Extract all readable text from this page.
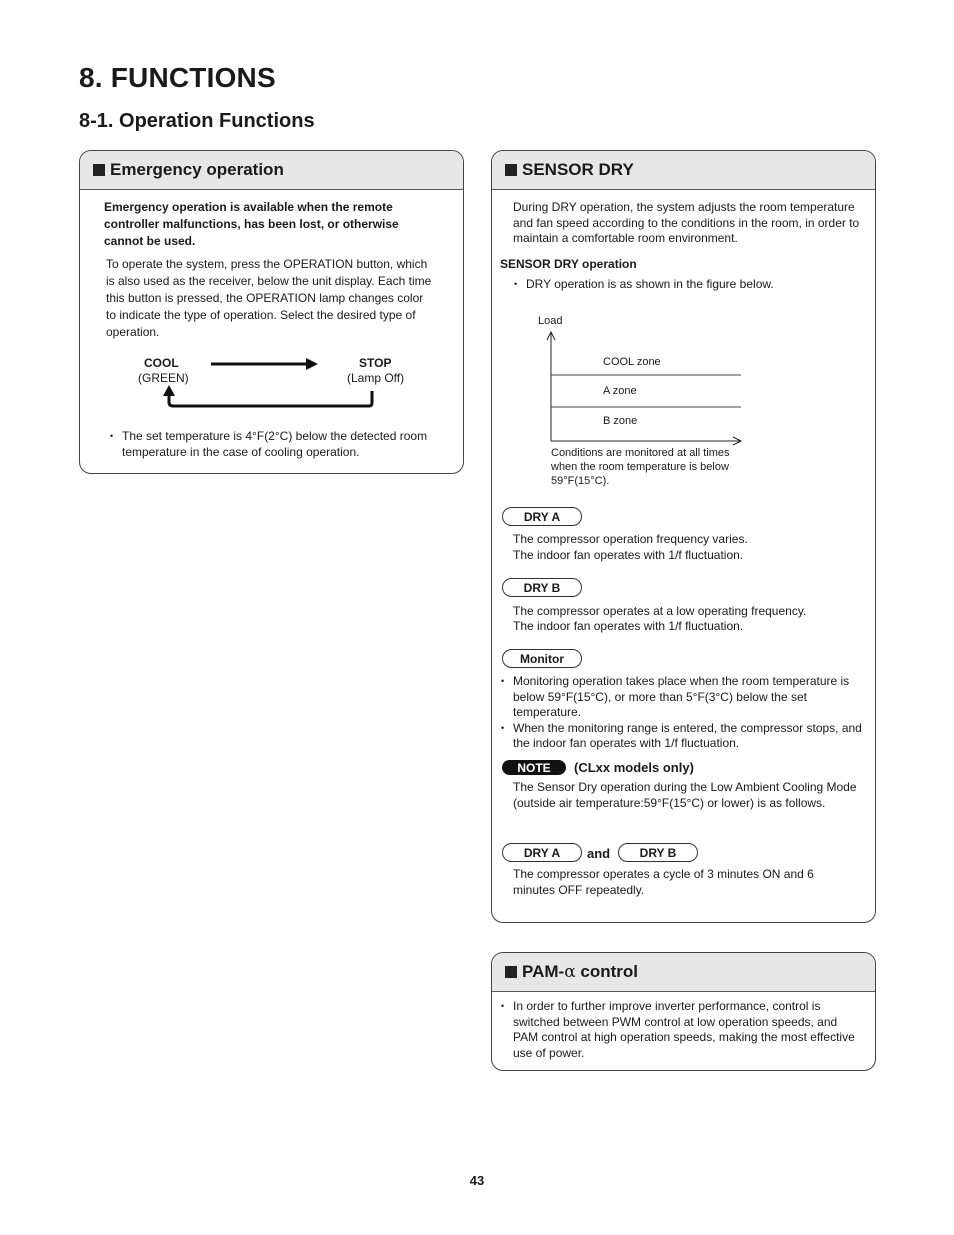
8. FUNCTIONS
8-1. Operation Functions
Emergency operation
Emergency operation is available when the remote controller malfunctions, has been lost, or otherwise cannot be used.
To operate the system, press the OPERATION button, which is also used as the receiver, below the unit display. Each time this button is pressed, the OPERATION lamp changes color to indicate the type of operation. Select the desired type of operation.
COOL
(GREEN)
STOP
(Lamp Off)
• The set temperature is 4°F(2°C) below the detected room temperature in the case of cooling operation.
SENSOR DRY
During DRY operation, the system adjusts the room temperature and fan speed according to the conditions in the room, in order to maintain a comfortable room environment.
SENSOR DRY operation
• DRY operation is as shown in the figure below.
Load
COOL zone
A zone
B zone
Conditions are monitored at all times when the room temperature is below 59°F(15°C).
DRY A
The compressor operation frequency varies.
The indoor fan operates with 1/f fluctuation.
DRY B
The compressor operates at a low operating frequency.
The indoor fan operates with 1/f fluctuation.
Monitor
• Monitoring operation takes place when the room temperature is below 59°F(15°C), or more than 5°F(3°C) below the set temperature.
• When the monitoring range is entered, the compressor stops, and the indoor fan operates with 1/f fluctuation.
NOTE	(CLxx models only)
The Sensor Dry operation during the Low Ambient Cooling Mode (outside air temperature:59°F(15°C) or lower) is as follows.
DRY A	and	DRY B
The compressor operates a cycle of 3 minutes ON and 6 minutes OFF repeatedly.
PAM-α control
• In order to further improve inverter performance, control is switched between PWM control at low operation speeds, and PAM control at high operation speeds, making the most effective use of power.
43
